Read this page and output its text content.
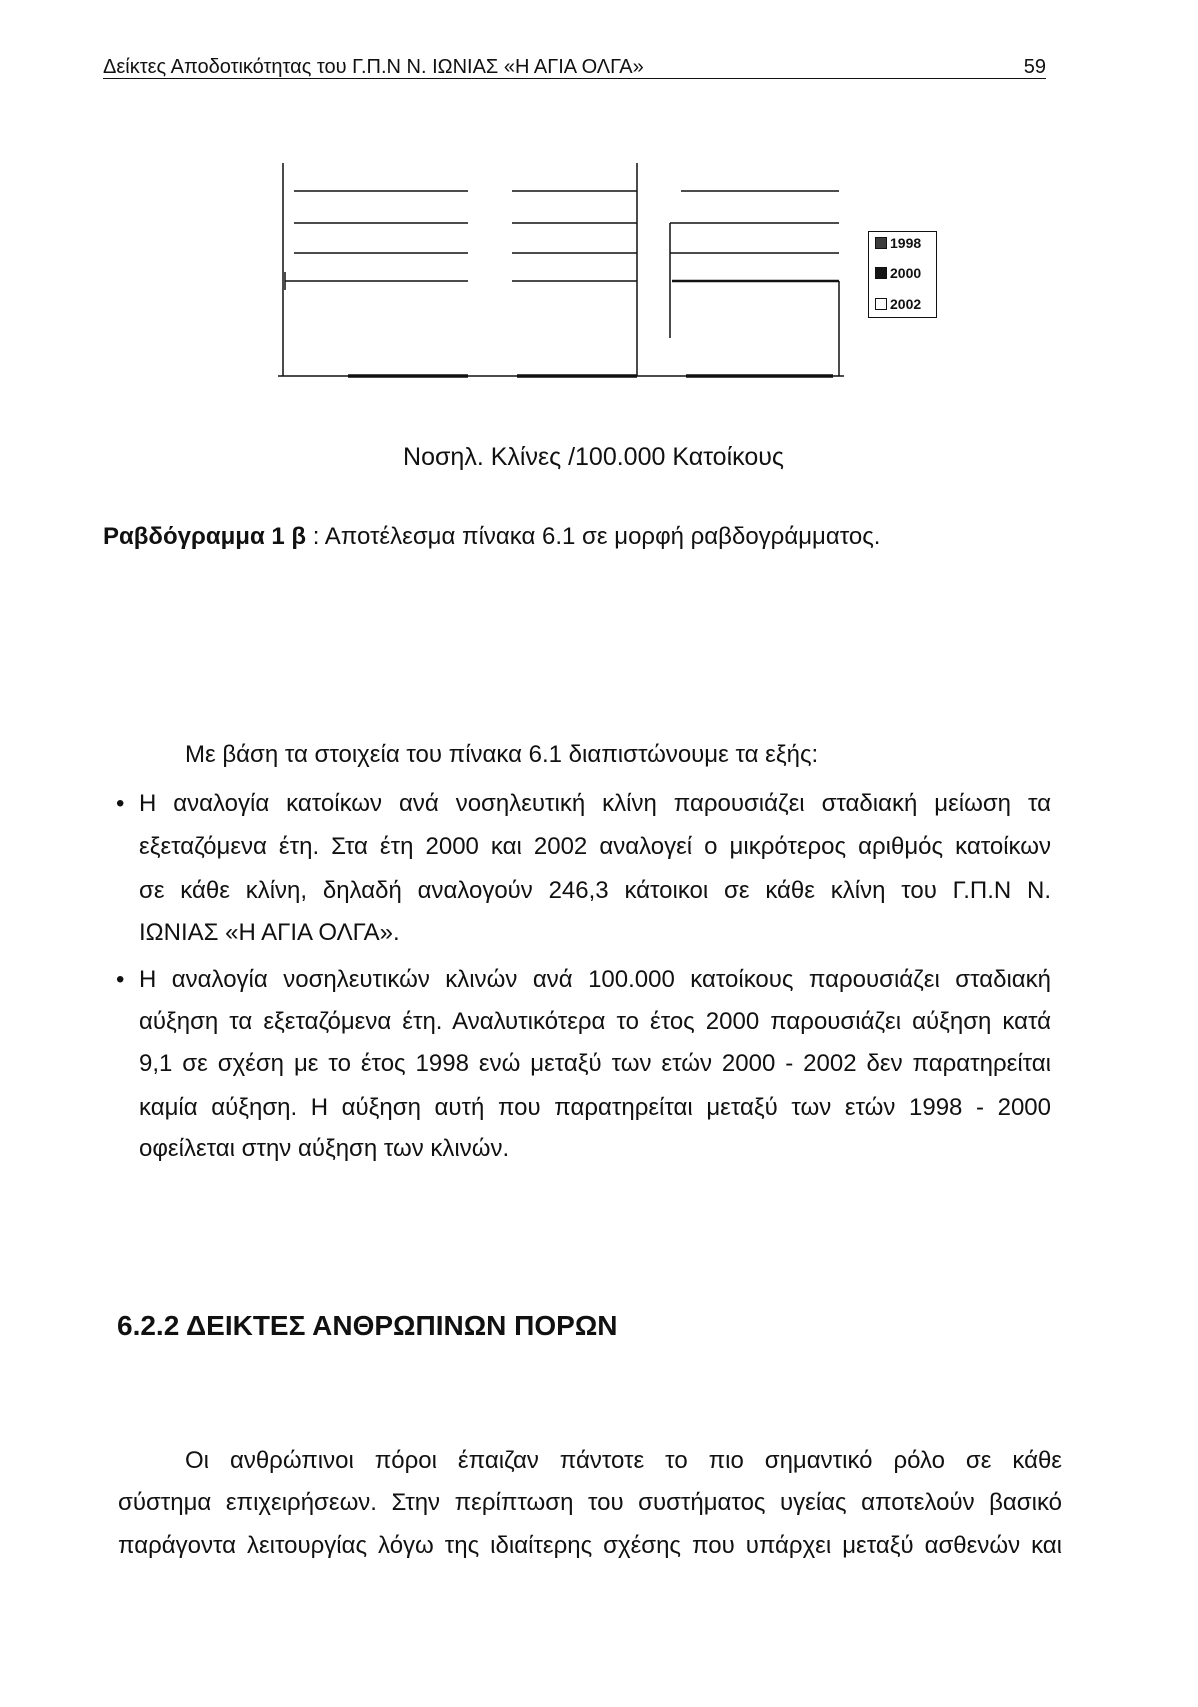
Δείκτες Αποδοτικότητας του Γ.Π.Ν Ν. ΙΩΝΙΑΣ «Η ΑΓΙΑ ΟΛΓΑ»	59
1998
2000
2002
Νοσηλ. Κλίνες /100.000 Κατοίκους
Ραβδόγραμμα 1 β : Αποτέλεσμα πίνακα 6.1 σε μορφή ραβδογράμματος.
Με βάση τα στοιχεία του πίνακα 6.1 διαπιστώνουμε τα εξής:
• Η αναλογία κατοίκων ανά νοσηλευτική κλίνη παρουσιάζει σταδιακή μείωση τα
εξεταζόμενα έτη. Στα έτη 2000 και 2002 αναλογεί ο μικρότερος αριθμός κατοίκων
σε κάθε κλίνη, δηλαδή αναλογούν 246,3 κάτοικοι σε κάθε κλίνη του Γ.Π.Ν Ν.
ΙΩΝΙΑΣ «Η ΑΓΙΑ ΟΛΓΑ».
• Η αναλογία νοσηλευτικών κλινών ανά 100.000 κατοίκους παρουσιάζει σταδιακή
αύξηση τα εξεταζόμενα έτη. Αναλυτικότερα το έτος 2000 παρουσιάζει αύξηση κατά
9,1 σε σχέση με το έτος 1998 ενώ μεταξύ των ετών 2000 - 2002 δεν παρατηρείται
καμία αύξηση. Η αύξηση αυτή που παρατηρείται μεταξύ των ετών 1998 - 2000
οφείλεται στην αύξηση των κλινών.
6.2.2 ΔΕΙΚΤΕΣ ΑΝΘΡΩΠΙΝΩΝ ΠΟΡΩΝ
Οι ανθρώπινοι πόροι έπαιζαν πάντοτε το πιο σημαντικό ρόλο σε κάθε
σύστημα επιχειρήσεων. Στην περίπτωση του συστήματος υγείας αποτελούν βασικό
παράγοντα λειτουργίας λόγω της ιδιαίτερης σχέσης που υπάρχει μεταξύ ασθενών και
